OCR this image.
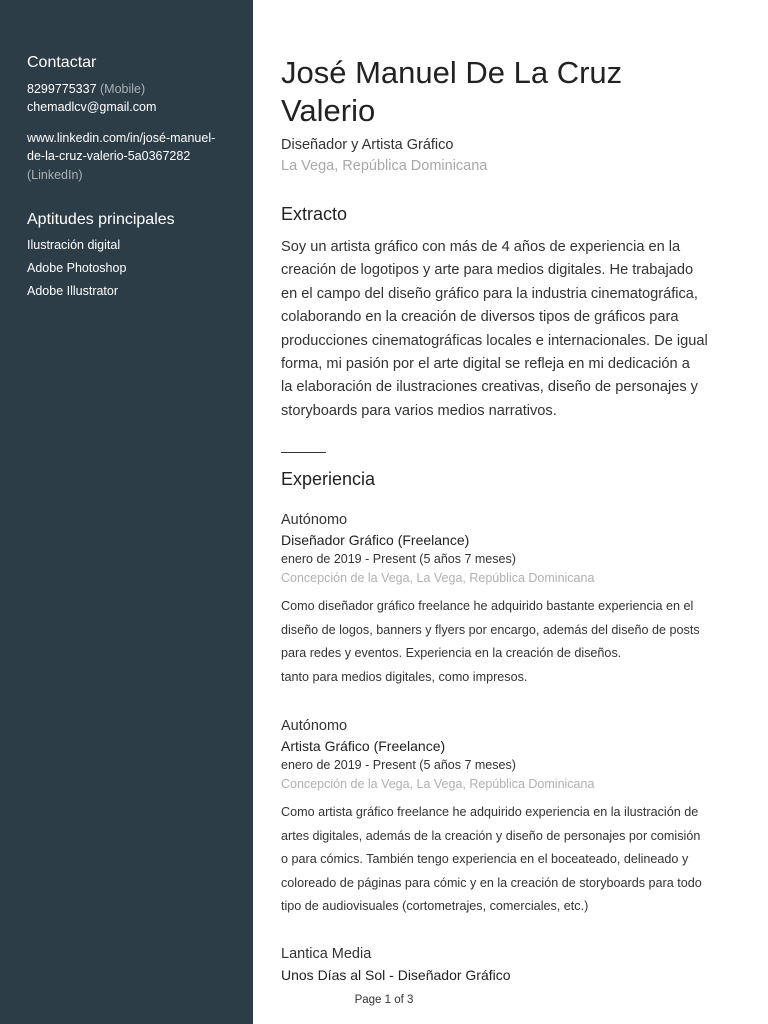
Contactar
8299775337 (Mobile)
chemadlcv@gmail.com
www.linkedin.com/in/josé-manuel-
de-la-cruz-valerio-5a0367282
(LinkedIn)
Aptitudes principales
Ilustración digital
Adobe Photoshop
Adobe Illustrator
José Manuel De La Cruz
Valerio
Diseñador y Artista Gráfico
La Vega, República Dominicana
Extracto
Soy un artista gráfico con más de 4 años de experiencia en la
creación de logotipos y arte para medios digitales. He trabajado
en el campo del diseño gráfico para la industria cinematográfica,
colaborando en la creación de diversos tipos de gráficos para
producciones cinematográficas locales e internacionales. De igual
forma, mi pasión por el arte digital se refleja en mi dedicación a
la elaboración de ilustraciones creativas, diseño de personajes y
storyboards para varios medios narrativos.
Experiencia
Autónomo
Diseñador Gráfico (Freelance)
enero de 2019 - Present (5 años 7 meses)
Concepción de la Vega, La Vega, República Dominicana
Como diseñador gráfico freelance he adquirido bastante experiencia en el
diseño de logos, banners y flyers por encargo, además del diseño de posts
para redes y eventos. Experiencia en la creación de diseños.
tanto para medios digitales, como impresos.
Autónomo
Artista Gráfico (Freelance)
enero de 2019 - Present (5 años 7 meses)
Concepción de la Vega, La Vega, República Dominicana
Como artista gráfico freelance he adquirido experiencia en la ilustración de
artes digitales, además de la creación y diseño de personajes por comisión
o para cómics. También tengo experiencia en el boceateado, delineado y
coloreado de páginas para cómic y en la creación de storyboards para todo
tipo de audiovisuales (cortometrajes, comerciales, etc.)
Lantica Media
Unos Días al Sol - Diseñador Gráfico
Page 1 of 3
